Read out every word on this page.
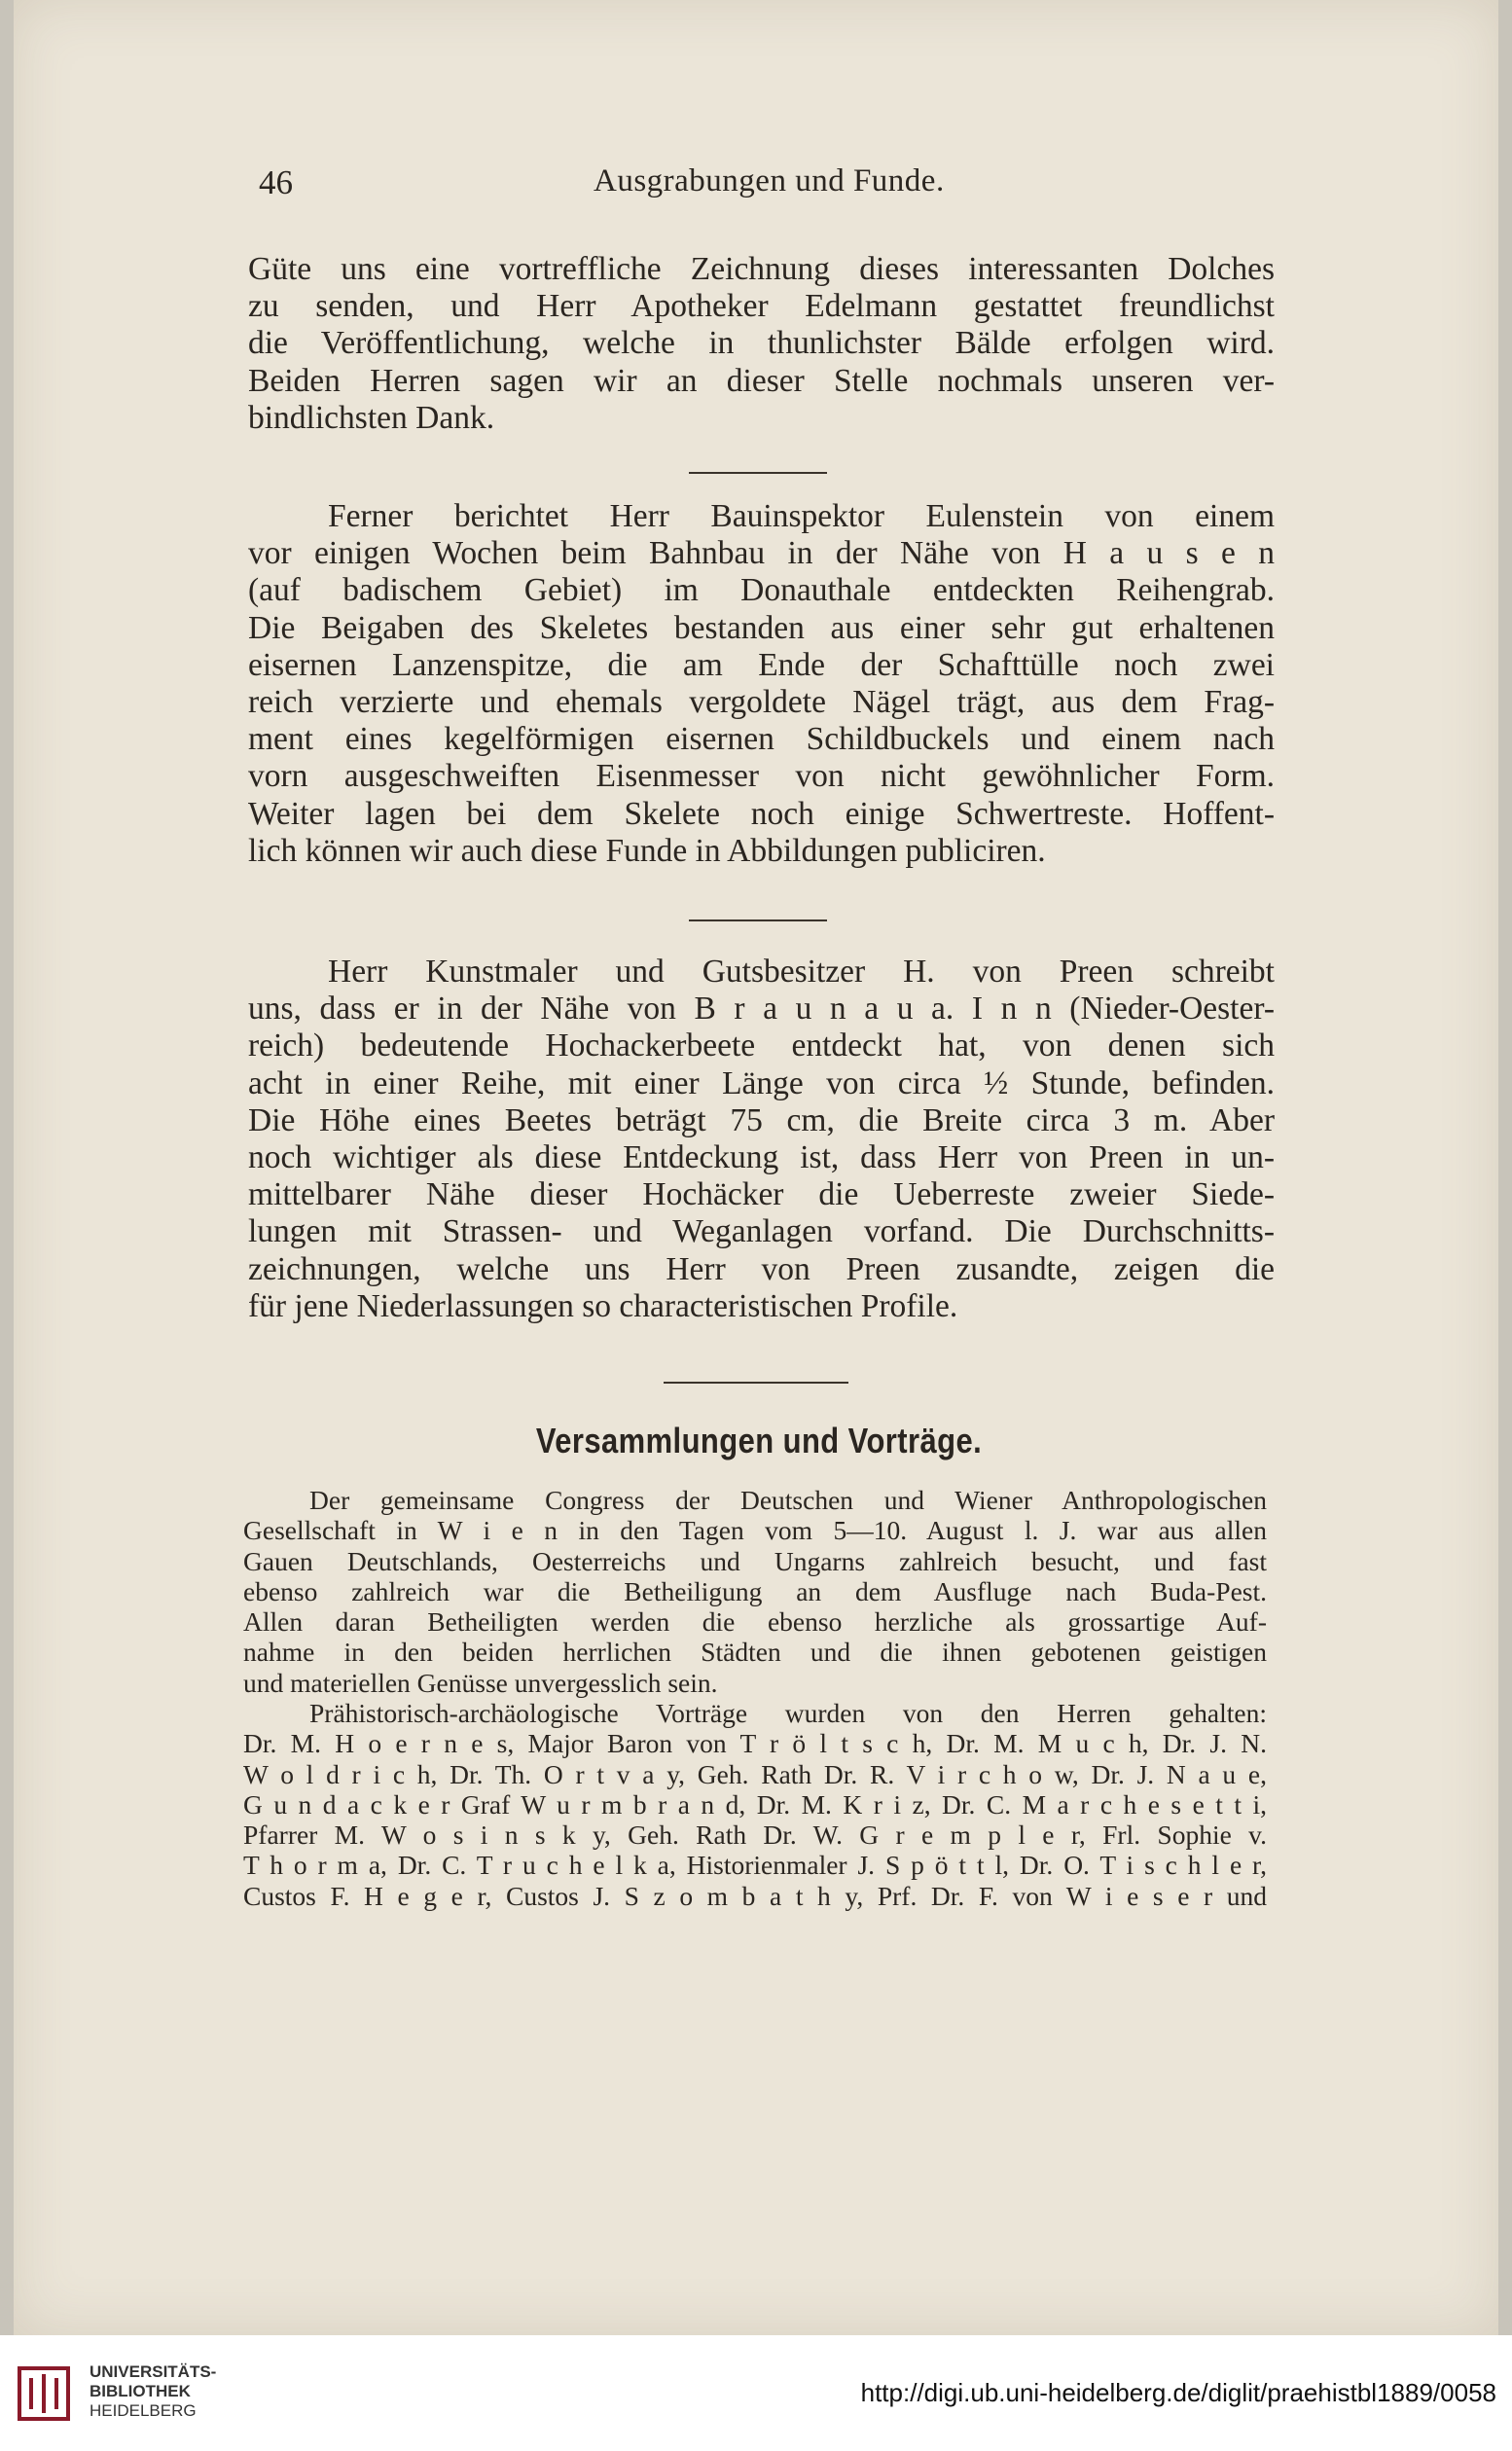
46	Ausgrabungen und Funde.
Güte uns eine vortreffliche Zeichnung dieses interessanten Dolches
zu senden, und Herr Apotheker Edelmann gestattet freundlichst
die Veröffentlichung, welche in thunlichster Bälde erfolgen wird.
Beiden Herren sagen wir an dieser Stelle nochmals unseren ver-
bindlichsten Dank.
Ferner berichtet Herr Bauinspektor Eulenstein von einem
vor einigen Wochen beim Bahnbau in der Nähe von H a u s e n
(auf badischem Gebiet) im Donauthale entdeckten Reihengrab.
Die Beigaben des Skeletes bestanden aus einer sehr gut erhaltenen
eisernen Lanzenspitze, die am Ende der Schafttülle noch zwei
reich verzierte und ehemals vergoldete Nägel trägt, aus dem Frag-
ment eines kegelförmigen eisernen Schildbuckels und einem nach
vorn ausgeschweiften Eisenmesser von nicht gewöhnlicher Form.
Weiter lagen bei dem Skelete noch einige Schwertreste. Hoffent-
lich können wir auch diese Funde in Abbildungen publiciren.
Herr Kunstmaler und Gutsbesitzer H. von Preen schreibt
uns, dass er in der Nähe von B r a u n a u a. I n n (Nieder-Oester-
reich) bedeutende Hochackerbeete entdeckt hat, von denen sich
acht in einer Reihe, mit einer Länge von circa ½ Stunde, befinden.
Die Höhe eines Beetes beträgt 75 cm, die Breite circa 3 m. Aber
noch wichtiger als diese Entdeckung ist, dass Herr von Preen in un-
mittelbarer Nähe dieser Hochäcker die Ueberreste zweier Siede-
lungen mit Strassen- und Weganlagen vorfand. Die Durchschnitts-
zeichnungen, welche uns Herr von Preen zusandte, zeigen die
für jene Niederlassungen so characteristischen Profile.
Versammlungen und Vorträge.
Der gemeinsame Congress der Deutschen und Wiener Anthropologischen
Gesellschaft in W i e n in den Tagen vom 5—10. August l. J. war aus allen
Gauen Deutschlands, Oesterreichs und Ungarns zahlreich besucht, und fast
ebenso zahlreich war die Betheiligung an dem Ausfluge nach Buda-Pest.
Allen daran Betheiligten werden die ebenso herzliche als grossartige Auf-
nahme in den beiden herrlichen Städten und die ihnen gebotenen geistigen
und materiellen Genüsse unvergesslich sein.
Prähistorisch-archäologische Vorträge wurden von den Herren gehalten:
Dr. M. H o e r n e s, Major Baron von T r ö l t s c h, Dr. M. M u c h, Dr. J. N.
W o l d r i c h, Dr. Th. O r t v a y, Geh. Rath Dr. R. V i r c h o w, Dr. J. N a u e,
G u n d a c k e r Graf W u r m b r a n d, Dr. M. K r i z, Dr. C. M a r c h e s e t t i,
Pfarrer M. W o s i n s k y, Geh. Rath Dr. W. G r e m p l e r, Frl. Sophie v.
T h o r m a, Dr. C. T r u c h e l k a, Historienmaler J. S p ö t t l, Dr. O. T i s c h l e r,
Custos F. H e g e r, Custos J. S z o m b a t h y, Prf. Dr. F. von W i e s e r und
UNIVERSITÄTS-
BIBLIOTHEK
HEIDELBERG
http://digi.ub.uni-heidelberg.de/diglit/praehistbl1889/0058
